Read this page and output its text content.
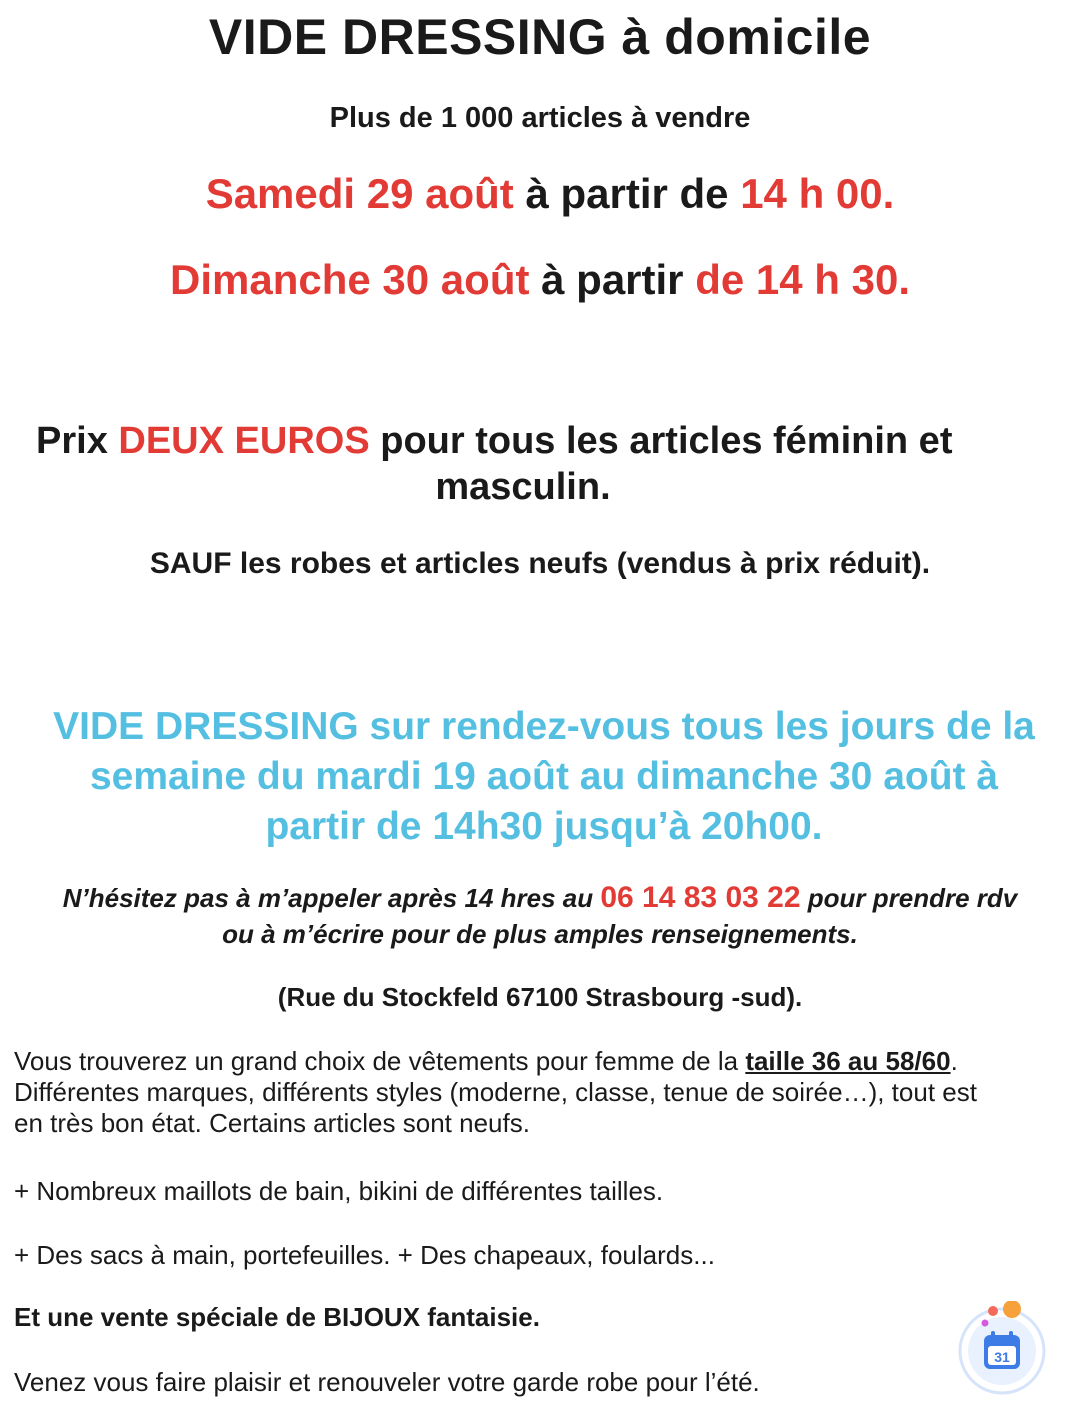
VIDE DRESSING à domicile
Plus de 1 000 articles à vendre
Samedi 29 août à partir de 14 h 00.
Dimanche 30 août à partir de 14 h 30.
Prix DEUX EUROS pour tous les articles féminin et
masculin.
SAUF les robes et articles neufs (vendus à prix réduit).
VIDE DRESSING sur rendez-vous tous les jours de la
semaine du mardi 19 août au dimanche 30 août à
partir de 14h30 jusqu’à 20h00.
N’hésitez pas à m’appeler après 14 hres au 06 14 83 03 22 pour prendre rdv
ou à m’écrire pour de plus amples renseignements.
(Rue du Stockfeld 67100 Strasbourg -sud).
Vous trouverez un grand choix de vêtements pour femme de la taille 36 au 58/60.
Différentes marques, différents styles (moderne, classe, tenue de soirée…), tout est
en très bon état. Certains articles sont neufs.
+ Nombreux maillots de bain, bikini de différentes tailles.
+ Des sacs à main, portefeuilles. + Des chapeaux, foulards...
Et une vente spéciale de BIJOUX fantaisie.
Venez vous faire plaisir et renouveler votre garde robe pour l’été.
31
